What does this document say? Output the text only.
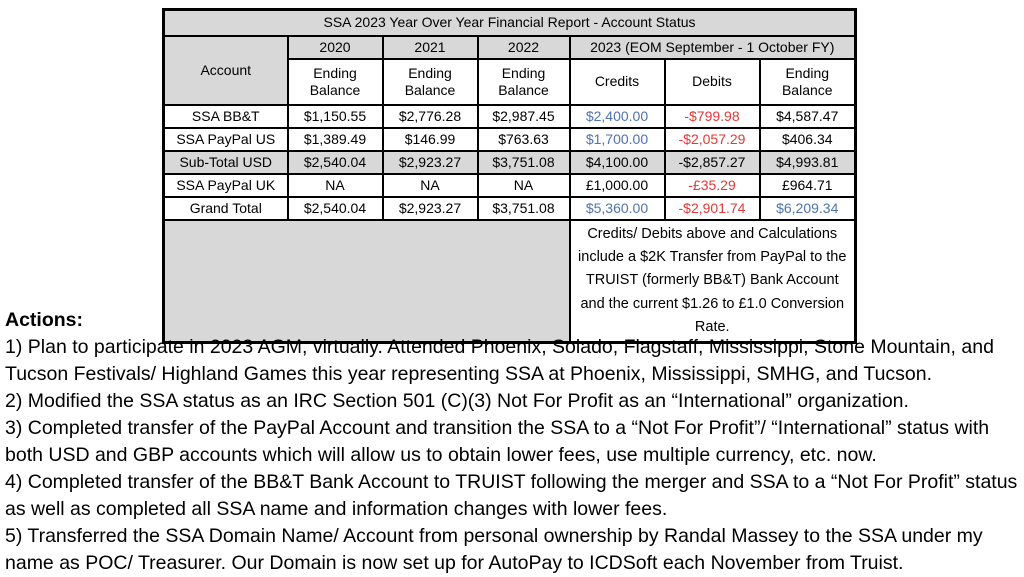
SSA 2023 Year Over Year Financial Report - Account Status						
Account	2020	2021	2022	2023 (EOM September - 1 October FY)		
	Ending Balance	Ending Balance	Ending Balance	Credits	Debits	Ending Balance
SSA BB&T	$1,150.55	$2,776.28	$2,987.45	$2,400.00	-$799.98	$4,587.47
SSA PayPal US	$1,389.49	$146.99	$763.63	$1,700.00	-$2,057.29	$406.34
Sub-Total USD	$2,540.04	$2,923.27	$3,751.08	$4,100.00	-$2,857.27	$4,993.81
SSA PayPal UK	NA	NA	NA	£1,000.00	-£35.29	£964.71
Grand Total	$2,540.04	$2,923.27	$3,751.08	$5,360.00	-$2,901.74	$6,209.34
				Credits/ Debits above and Calculations include a $2K Transfer from PayPal to the TRUIST (formerly BB&T) Bank Account and the current $1.26 to £1.0 Conversion Rate.		
Actions:
1) Plan to participate in 2023 AGM, virtually. Attended Phoenix, Solado, Flagstaff, Mississippi, Stone Mountain, and Tucson Festivals/ Highland Games this year representing SSA at Phoenix, Mississippi, SMHG, and Tucson.
2) Modified the SSA status as an IRC Section 501 (C)(3) Not For Profit as an “International” organization.
3) Completed transfer of the PayPal Account and transition the SSA to a “Not For Profit”/ “International” status with both USD and GBP accounts which will allow us to obtain lower fees, use multiple currency, etc. now.
4) Completed transfer of the BB&T Bank Account to TRUIST following the merger and SSA to a “Not For Profit” status as well as completed all SSA name and information changes with lower fees.
5) Transferred the SSA Domain Name/ Account from personal ownership by Randal Massey to the SSA under my name as POC/ Treasurer. Our Domain is now set up for AutoPay to ICDSoft each November from Truist.
